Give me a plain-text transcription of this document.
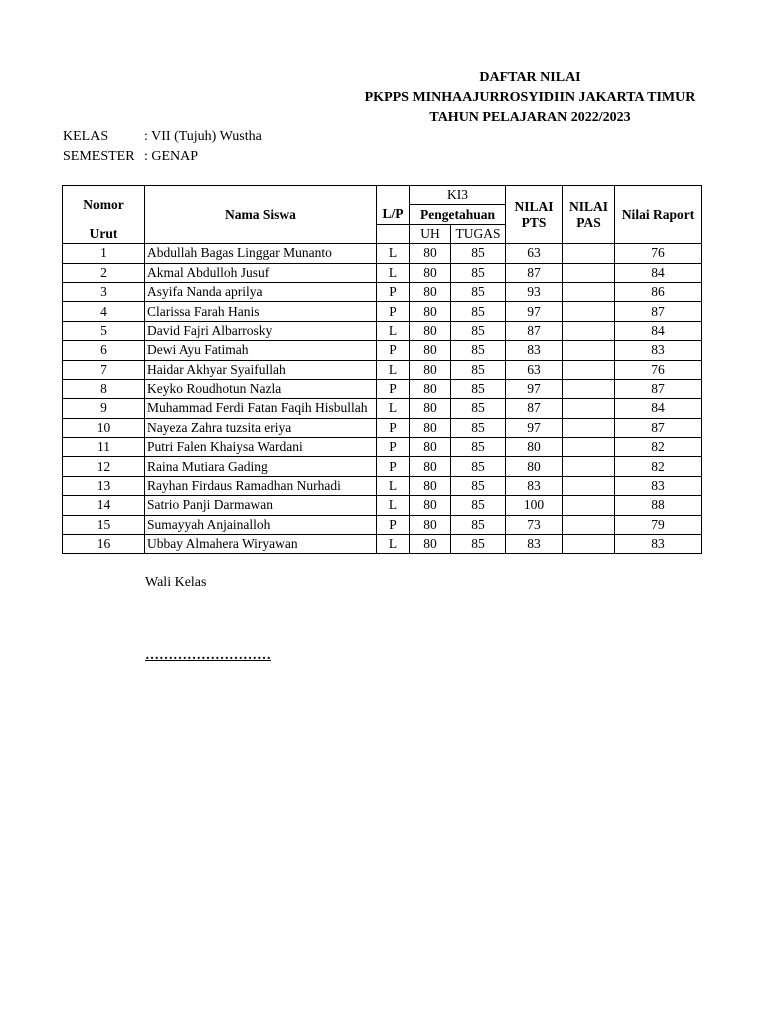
DAFTAR NILAI
PKPPS MINHAAJURROSYIDIIN JAKARTA TIMUR
TAHUN PELAJARAN 2022/2023
KELAS	: VII (Tujuh) Wustha
SEMESTER : GENAP
Nomor	Nama Siswa		KI3		NILAI PTS	NILAI PAS	Nilai Raport
		L/P	Pengetahuan				
Urut			UH	TUGAS			
1	Abdullah Bagas Linggar Munanto	L	80	85	63		76
2	Akmal Abdulloh Jusuf	L	80	85	87		84
3	Asyifa Nanda aprilya	P	80	85	93		86
4	Clarissa Farah Hanis	P	80	85	97		87
5	David Fajri Albarrosky	L	80	85	87		84
6	Dewi Ayu Fatimah	P	80	85	83		83
7	Haidar Akhyar Syaifullah	L	80	85	63		76
8	Keyko Roudhotun Nazla	P	80	85	97		87
9	Muhammad Ferdi Fatan Faqih Hisbullah	L	80	85	87		84
10	Nayeza Zahra tuzsita eriya	P	80	85	97		87
11	Putri Falen Khaiysa Wardani	P	80	85	80		82
12	Raina Mutiara Gading	P	80	85	80		82
13	Rayhan Firdaus Ramadhan Nurhadi	L	80	85	83		83
14	Satrio Panji Darmawan	L	80	85	100		88
15	Sumayyah Anjainalloh	P	80	85	73		79
16	Ubbay Almahera Wiryawan	L	80	85	83		83
Wali Kelas
………………………
